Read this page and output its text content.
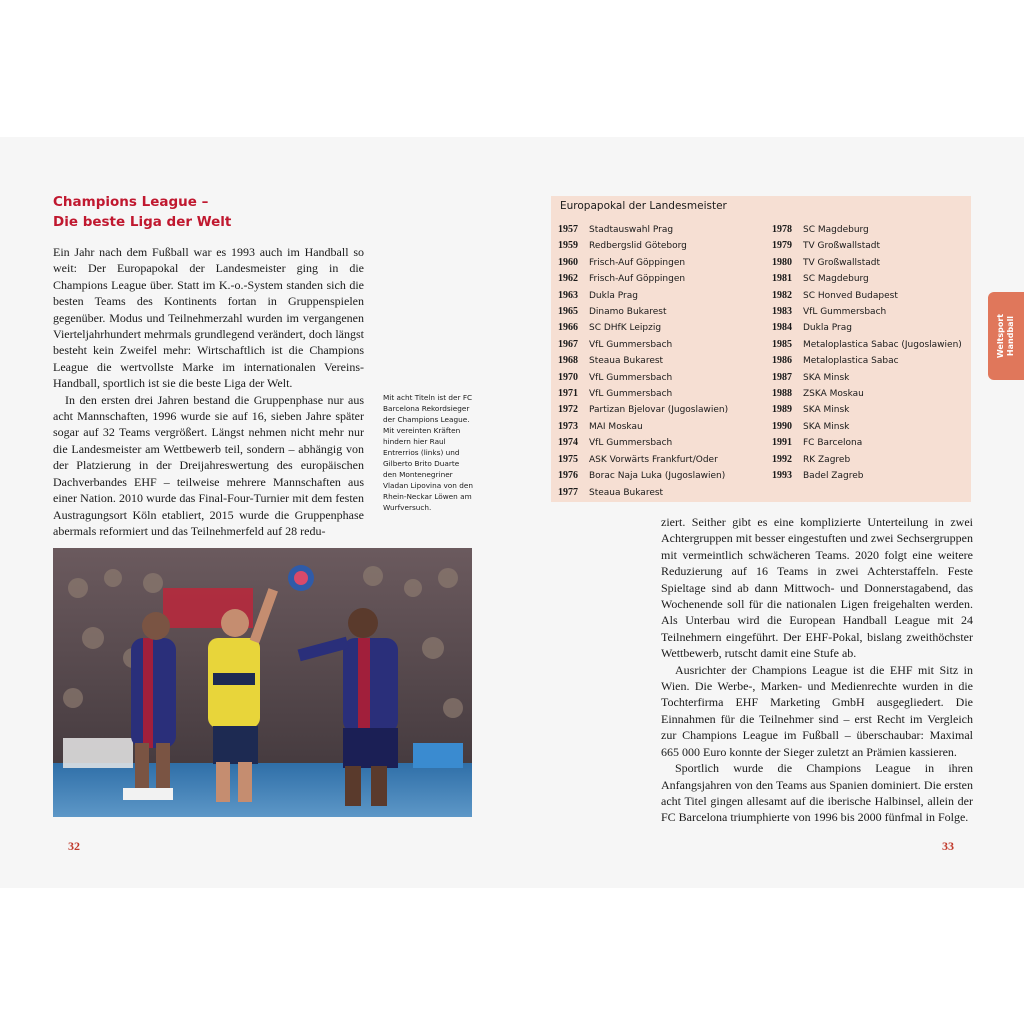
Champions League –
Die beste Liga der Welt

Ein Jahr nach dem Fußball war es 1993 auch im Handball so weit: Der Europapokal der Landesmeister ging in die Champions League über. Statt im K.-o.-System standen sich die besten Teams des Kontinents fortan in Gruppenspielen gegenüber. Modus und Teilnehmerzahl wurden im vergangenen Vierteljahrhundert mehrmals grundlegend verändert, doch längst besteht kein Zweifel mehr: Wirtschaftlich ist die Champions League die wertvollste Marke im internationalen Vereins-Handball, sportlich ist sie die beste Liga der Welt.

In den ersten drei Jahren bestand die Gruppenphase nur aus acht Mannschaften, 1996 wurde sie auf 16, sieben Jahre später sogar auf 32 Teams vergrößert. Längst nehmen nicht mehr nur die Landesmeister am Wettbewerb teil, sondern – abhängig von der Platzierung in der Dreijahreswertung des europäischen Dachverbandes EHF – teilweise mehrere Mannschaften aus einer Nation. 2010 wurde das Final-Four-Turnier mit dem festen Austragungsort Köln etabliert, 2015 wurde die Gruppenphase abermals reformiert und das Teilnehmerfeld auf 28 redu-

Mit acht Titeln ist der FC Barcelona Rekordsieger der Champions League. Mit vereinten Kräften hindern hier Raul Entrerrios (links) und Gilberto Brito Duarte den Montenegriner Vladan Lipovina von den Rhein-Neckar Löwen am Wurfversuch.

32

Europapokal der Landesmeister

1957	Stadtauswahl Prag
1959	Redbergslid Göteborg
1960	Frisch-Auf Göppingen
1962	Frisch-Auf Göppingen
1963	Dukla Prag
1965	Dinamo Bukarest
1966	SC DHfK Leipzig
1967	VfL Gummersbach
1968	Steaua Bukarest
1970	VfL Gummersbach
1971	VfL Gummersbach
1972	Partizan Bjelovar (Jugoslawien)
1973	MAI Moskau
1974	VfL Gummersbach
1975	ASK Vorwärts Frankfurt/Oder
1976	Borac Naja Luka (Jugoslawien)
1977	Steaua Bukarest
1978	SC Magdeburg
1979	TV Großwallstadt
1980	TV Großwallstadt
1981	SC Magdeburg
1982	SC Honved Budapest
1983	VfL Gummersbach
1984	Dukla Prag
1985	Metaloplastica Sabac (Jugoslawien)
1986	Metaloplastica Sabac
1987	SKA Minsk
1988	ZSKA Moskau
1989	SKA Minsk
1990	SKA Minsk
1991	FC Barcelona
1992	RK Zagreb
1993	Badel Zagreb

ziert. Seither gibt es eine komplizierte Unterteilung in zwei Achtergruppen mit besser eingestuften und zwei Sechsergruppen mit vermeintlich schwächeren Teams. 2020 folgt eine weitere Reduzierung auf 16 Teams in zwei Achterstaffeln. Feste Spieltage sind ab dann Mittwoch- und Donnerstagabend, das Wochenende soll für die nationalen Ligen freigehalten werden. Als Unterbau wird die European Handball League mit 24 Teilnehmern eingeführt. Der EHF-Pokal, bislang zweithöchster Wettbewerb, rutscht damit eine Stufe ab.

Ausrichter der Champions League ist die EHF mit Sitz in Wien. Die Werbe-, Marken- und Medienrechte wurden in die Tochterfirma EHF Marketing GmbH ausgegliedert. Die Einnahmen für die Teilnehmer sind – erst Recht im Vergleich zur Champions League im Fußball – überschaubar: Maximal 665 000 Euro konnte der Sieger zuletzt an Prämien kassieren.

Sportlich wurde die Champions League in ihren Anfangsjahren von den Teams aus Spanien dominiert. Die ersten acht Titel gingen allesamt auf die iberische Halbinsel, allein der FC Barcelona triumphierte von 1996 bis 2000 fünfmal in Folge.

33

Weltsport Handball
